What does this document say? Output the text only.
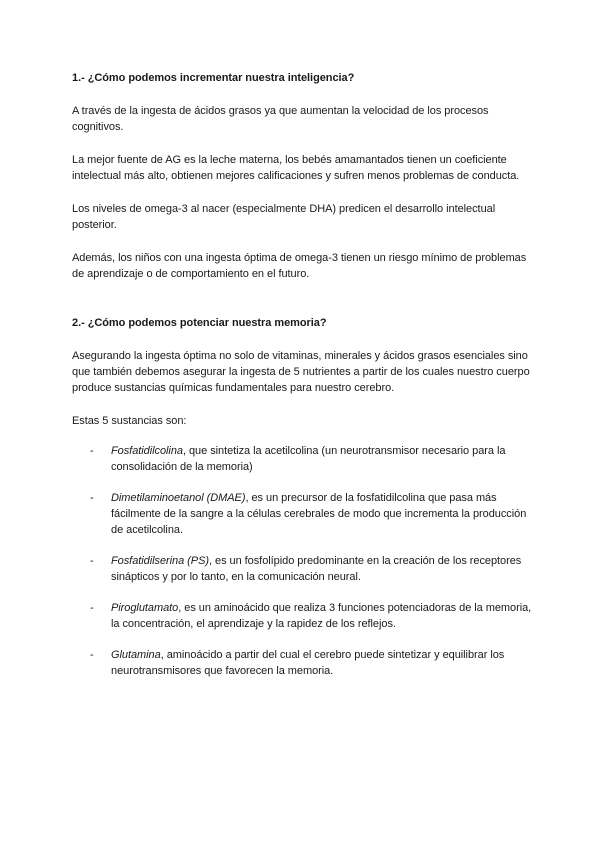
1.- ¿Cómo podemos incrementar nuestra inteligencia?

A través de la ingesta de ácidos grasos ya que aumentan la velocidad de los procesos cognitivos.

La mejor fuente de AG es la leche materna, los bebés amamantados tienen un coeficiente intelectual más alto, obtienen mejores calificaciones y sufren menos problemas de conducta.

Los niveles de omega-3 al nacer (especialmente DHA) predicen el desarrollo intelectual posterior.

Además, los niños con una ingesta óptima de omega-3 tienen un riesgo mínimo de problemas de aprendizaje o de comportamiento en el futuro.

2.- ¿Cómo podemos potenciar nuestra memoria?

Asegurando la ingesta óptima no solo de vitaminas, minerales y ácidos grasos esenciales sino que también debemos asegurar la ingesta de 5 nutrientes a partir de los cuales nuestro cuerpo produce sustancias químicas fundamentales para nuestro cerebro.

Estas 5 sustancias son:

- Fosfatidilcolina, que sintetiza la acetilcolina (un neurotransmisor necesario para la consolidación de la memoria)
- Dimetilaminoetanol (DMAE), es un precursor de la fosfatidilcolina que pasa más fácilmente de la sangre a la células cerebrales de modo que incrementa la producción de acetilcolina.
- Fosfatidilserina (PS), es un fosfolípido predominante en la creación de los receptores sinápticos y por lo tanto, en la comunicación neural.
- Piroglutamato, es un aminoácido que realiza 3 funciones potenciadoras de la memoria, la concentración, el aprendizaje y la rapidez de los reflejos.
- Glutamina, aminoácido a partir del cual el cerebro puede sintetizar y equilibrar los neurotransmisores que favorecen la memoria.
